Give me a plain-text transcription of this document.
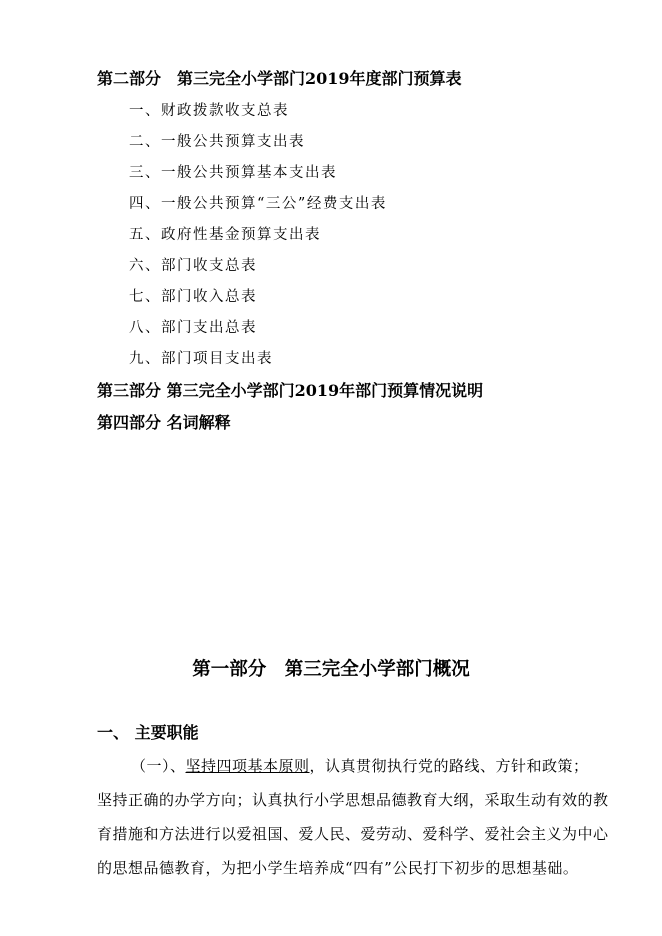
第二部分　第三完全小学部门2019年度部门预算表
一、财政拨款收支总表
二、一般公共预算支出表
三、一般公共预算基本支出表
四、一般公共预算“三公”经费支出表
五、政府性基金预算支出表
六、部门收支总表
七、部门收入总表
八、部门支出总表
九、部门项目支出表
第三部分 第三完全小学部门2019年部门预算情况说明
第四部分 名词解释
第一部分　第三完全小学部门概况
一、 主要职能
（一）、坚持四项基本原则，认真贯彻执行党的路线、方针和政策；
坚持正确的办学方向；认真执行小学思想品德教育大纲，采取生动有效的教
育措施和方法进行以爱祖国、爱人民、爱劳动、爱科学、爱社会主义为中心
的思想品德教育，为把小学生培养成“四有”公民打下初步的思想基础。
